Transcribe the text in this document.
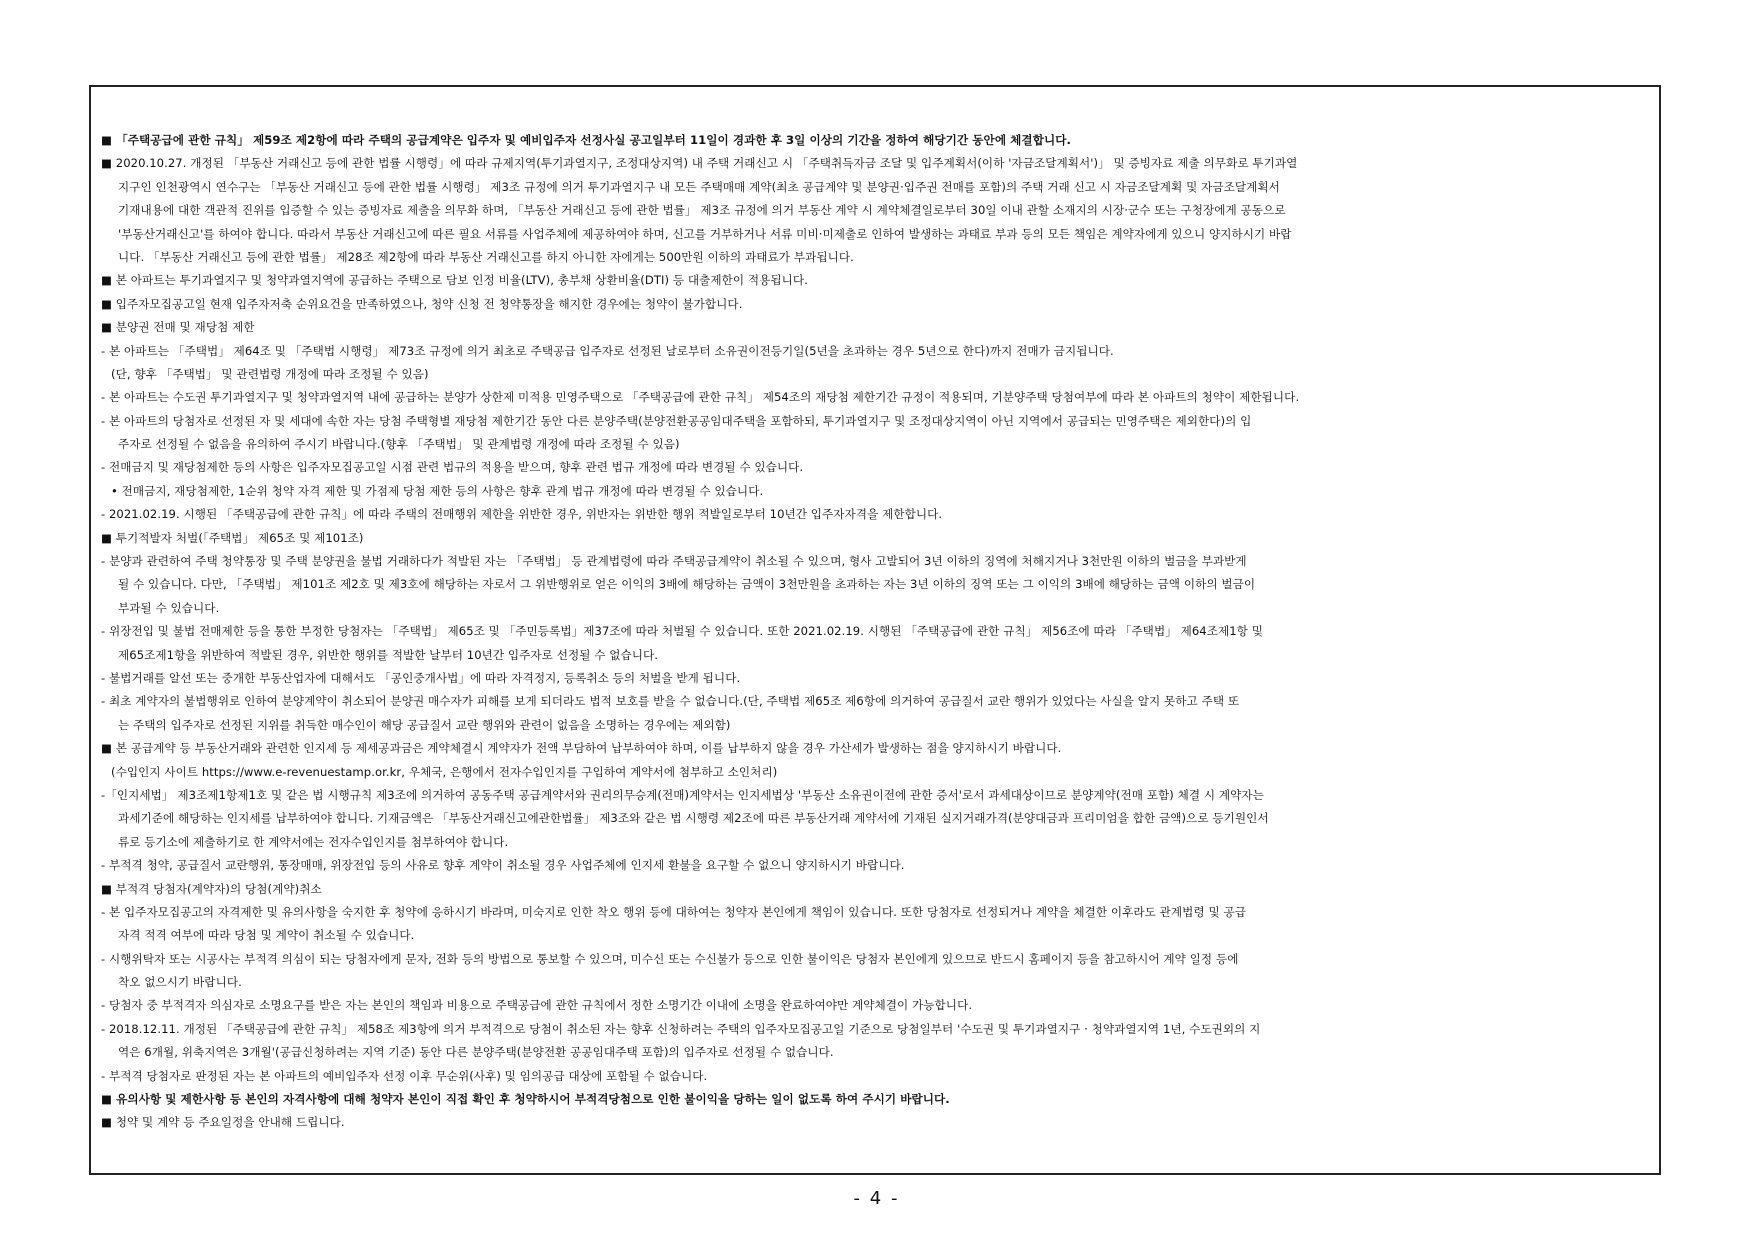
■ 「주택공급에 관한 규칙」 제59조 제2항에 따라 주택의 공급계약은 입주자 및 예비입주자 선정사실 공고일부터 11일이 경과한 후 3일 이상의 기간을 정하여 해당기간 동안에 체결합니다.
■ 2020.10.27. 개정된 「부동산 거래신고 등에 관한 법률 시행령」에 따라 규제지역(투기과열지구, 조정대상지역) 내 주택 거래신고 시 「주택취득자금 조달 및 입주계획서(이하 '자금조달계획서')」 및 증빙자료 제출 의무화로 투기과열
지구인 인천광역시 연수구는 「부동산 거래신고 등에 관한 법률 시행령」 제3조 규정에 의거 투기과열지구 내 모든 주택매매 계약(최초 공급계약 및 분양권·입주권 전매를 포함)의 주택 거래 신고 시 자금조달계획 및 자금조달계획서
기재내용에 대한 객관적 진위를 입증할 수 있는 증빙자료 제출을 의무화 하며, 「부동산 거래신고 등에 관한 법률」 제3조 규정에 의거 부동산 계약 시 계약체결일로부터 30일 이내 관할 소재지의 시장·군수 또는 구청장에게 공동으로
'부동산거래신고'를 하여야 합니다. 따라서 부동산 거래신고에 따른 필요 서류를 사업주체에 제공하여야 하며, 신고를 거부하거나 서류 미비·미제출로 인하여 발생하는 과태료 부과 등의 모든 책임은 계약자에게 있으니 양지하시기 바랍
니다. 「부동산 거래신고 등에 관한 법률」 제28조 제2항에 따라 부동산 거래신고를 하지 아니한 자에게는 500만원 이하의 과태료가 부과됩니다.
■ 본 아파트는 투기과열지구 및 청약과열지역에 공급하는 주택으로 담보 인정 비율(LTV), 총부채 상환비율(DTI) 등 대출제한이 적용됩니다.
■ 입주자모집공고일 현재 입주자저축 순위요건을 만족하였으나, 청약 신청 전 청약통장을 해지한 경우에는 청약이 불가합니다.
■ 분양권 전매 및 재당첨 제한
- 본 아파트는 「주택법」 제64조 및 「주택법 시행령」 제73조 규정에 의거 최초로 주택공급 입주자로 선정된 날로부터 소유권이전등기일(5년을 초과하는 경우 5년으로 한다)까지 전매가 금지됩니다.
(단, 향후 「주택법」 및 관련법령 개정에 따라 조정될 수 있음)
- 본 아파트는 수도권 투기과열지구 및 청약과열지역 내에 공급하는 분양가 상한제 미적용 민영주택으로 「주택공급에 관한 규칙」 제54조의 재당첨 제한기간 규정이 적용되며, 기분양주택 당첨여부에 따라 본 아파트의 청약이 제한됩니다.
- 본 아파트의 당첨자로 선정된 자 및 세대에 속한 자는 당첨 주택형별 재당첨 제한기간 동안 다른 분양주택(분양전환공공임대주택을 포함하되, 투기과열지구 및 조정대상지역이 아닌 지역에서 공급되는 민영주택은 제외한다)의 입
주자로 선정될 수 없음을 유의하여 주시기 바랍니다.(향후 「주택법」 및 관계법령 개정에 따라 조정될 수 있음)
- 전매금지 및 재당첨제한 등의 사항은 입주자모집공고일 시점 관련 법규의 적용을 받으며, 향후 관련 법규 개정에 따라 변경될 수 있습니다.
• 전매금지, 재당첨제한, 1순위 청약 자격 제한 및 가점제 당첨 제한 등의 사항은 향후 관계 법규 개정에 따라 변경될 수 있습니다.
- 2021.02.19. 시행된 「주택공급에 관한 규칙」에 따라 주택의 전매행위 제한을 위반한 경우, 위반자는 위반한 행위 적발일로부터 10년간 입주자자격을 제한합니다.
■ 투기적발자 처벌(「주택법」 제65조 및 제101조)
- 분양과 관련하여 주택 청약통장 및 주택 분양권을 불법 거래하다가 적발된 자는 「주택법」 등 관계법령에 따라 주택공급계약이 취소될 수 있으며, 형사 고발되어 3년 이하의 징역에 처해지거나 3천만원 이하의 벌금을 부과받게
될 수 있습니다. 다만, 「주택법」 제101조 제2호 및 제3호에 해당하는 자로서 그 위반행위로 얻은 이익의 3배에 해당하는 금액이 3천만원을 초과하는 자는 3년 이하의 징역 또는 그 이익의 3배에 해당하는 금액 이하의 벌금이
부과될 수 있습니다.
- 위장전입 및 불법 전매제한 등을 통한 부정한 당첨자는 「주택법」 제65조 및 「주민등록법」제37조에 따라 처벌될 수 있습니다. 또한 2021.02.19. 시행된 「주택공급에 관한 규칙」 제56조에 따라 「주택법」 제64조제1항 및
제65조제1항을 위반하여 적발된 경우, 위반한 행위를 적발한 날부터 10년간 입주자로 선정될 수 없습니다.
- 불법거래를 알선 또는 중개한 부동산업자에 대해서도 「공인중개사법」에 따라 자격정지, 등록취소 등의 처벌을 받게 됩니다.
- 최초 계약자의 불법행위로 인하여 분양계약이 취소되어 분양권 매수자가 피해를 보게 되더라도 법적 보호를 받을 수 없습니다.(단, 주택법 제65조 제6항에 의거하여 공급질서 교란 행위가 있었다는 사실을 알지 못하고 주택 또
는 주택의 입주자로 선정된 지위를 취득한 매수인이 해당 공급질서 교란 행위와 관련이 없음을 소명하는 경우에는 제외함)
■ 본 공급계약 등 부동산거래와 관련한 인지세 등 제세공과금은 계약체결시 계약자가 전액 부담하여 납부하여야 하며, 이를 납부하지 않을 경우 가산세가 발생하는 점을 양지하시기 바랍니다.
(수입인지 사이트 https://www.e-revenuestamp.or.kr, 우체국, 은행에서 전자수입인지를 구입하여 계약서에 첨부하고 소인처리)
-「인지세법」 제3조제1항제1호 및 같은 법 시행규칙 제3조에 의거하여 공동주택 공급계약서와 권리의무승계(전매)계약서는 인지세법상 '부동산 소유권이전에 관한 증서'로서 과세대상이므로 분양계약(전매 포함) 체결 시 계약자는
과세기준에 해당하는 인지세를 납부하여야 합니다. 기재금액은 「부동산거래신고에관한법률」 제3조와 같은 법 시행령 제2조에 따른 부동산거래 계약서에 기재된 실지거래가격(분양대금과 프리미엄을 합한 금액)으로 등기원인서
류로 등기소에 제출하기로 한 계약서에는 전자수입인지를 첨부하여야 합니다.
- 부적격 청약, 공급질서 교란행위, 통장매매, 위장전입 등의 사유로 향후 계약이 취소될 경우 사업주체에 인지세 환불을 요구할 수 없으니 양지하시기 바랍니다.
■ 부적격 당첨자(계약자)의 당첨(계약)취소
- 본 입주자모집공고의 자격제한 및 유의사항을 숙지한 후 청약에 응하시기 바라며, 미숙지로 인한 착오 행위 등에 대하여는 청약자 본인에게 책임이 있습니다. 또한 당첨자로 선정되거나 계약을 체결한 이후라도 관계법령 및 공급
자격 적격 여부에 따라 당첨 및 계약이 취소될 수 있습니다.
- 시행위탁자 또는 시공사는 부적격 의심이 되는 당첨자에게 문자, 전화 등의 방법으로 통보할 수 있으며, 미수신 또는 수신불가 등으로 인한 불이익은 당첨자 본인에게 있으므로 반드시 홈페이지 등을 참고하시어 계약 일정 등에
착오 없으시기 바랍니다.
- 당첨자 중 부적격자 의심자로 소명요구를 받은 자는 본인의 책임과 비용으로 주택공급에 관한 규칙에서 정한 소명기간 이내에 소명을 완료하여야만 계약체결이 가능합니다.
- 2018.12.11. 개정된 「주택공급에 관한 규칙」 제58조 제3항에 의거 부적격으로 당첨이 취소된 자는 향후 신청하려는 주택의 입주자모집공고일 기준으로 당첨일부터 '수도권 및 투기과열지구 · 청약과열지역 1년, 수도권외의 지
역은 6개월, 위축지역은 3개월'(공급신청하려는 지역 기준) 동안 다른 분양주택(분양전환 공공임대주택 포함)의 입주자로 선정될 수 없습니다.
- 부적격 당첨자로 판정된 자는 본 아파트의 예비입주자 선정 이후 무순위(사후) 및 임의공급 대상에 포함될 수 없습니다.
■ 유의사항 및 제한사항 등 본인의 자격사항에 대해 청약자 본인이 직접 확인 후 청약하시어 부적격당첨으로 인한 불이익을 당하는 일이 없도록 하여 주시기 바랍니다.
■ 청약 및 계약 등 주요일정을 안내해 드립니다.
- 4 -
